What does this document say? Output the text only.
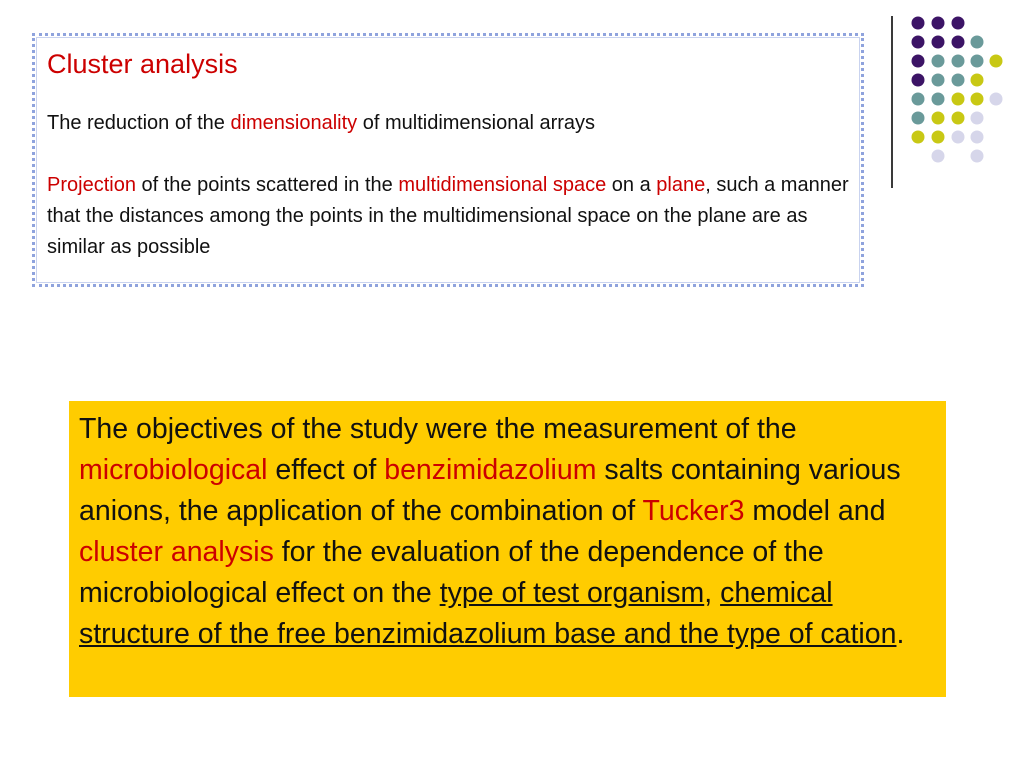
Cluster analysis

The reduction of the dimensionality of multidimensional arrays

Projection of the points scattered in the multidimensional space on a plane, such a manner that the distances among the points in the multidimensional space on the plane are as similar as possible

The objectives of the study were the measurement of the microbiological effect of benzimidazolium salts containing various anions, the application of the combination of Tucker3 model and cluster analysis for the evaluation of the dependence of the microbiological effect on the type of test organism, chemical structure of the free benzimidazolium base and the type of cation.
